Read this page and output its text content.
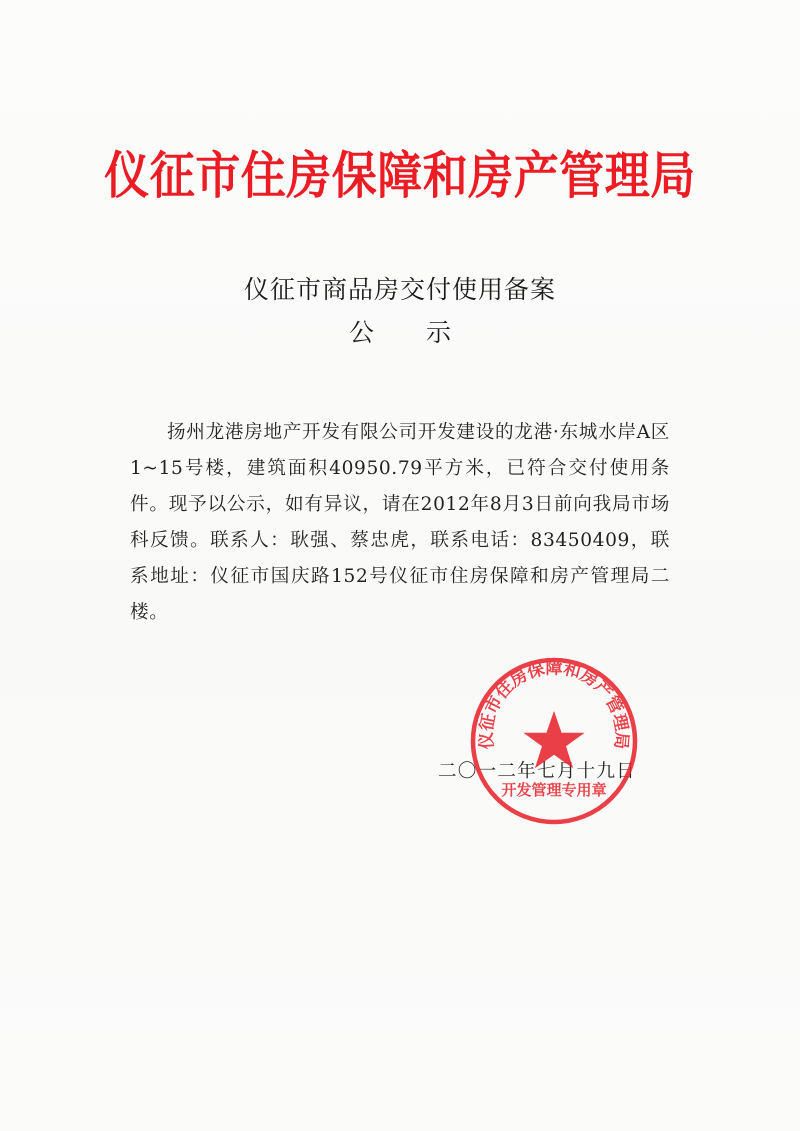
仪征市住房保障和房产管理局
仪征市商品房交付使用备案
公示
扬州龙港房地产开发有限公司开发建设的龙港·东城水岸A区1~15号楼，建筑面积40950.79平方米，已符合交付使用条件。现予以公示，如有异议，请在2012年8月3日前向我局市场科反馈。联系人：耿强、蔡忠虎，联系电话：83450409，联系地址：仪征市国庆路152号仪征市住房保障和房产管理局二楼。
二〇一二年七月十九日
仪征市住房保障和房产管理局
开发管理专用章
